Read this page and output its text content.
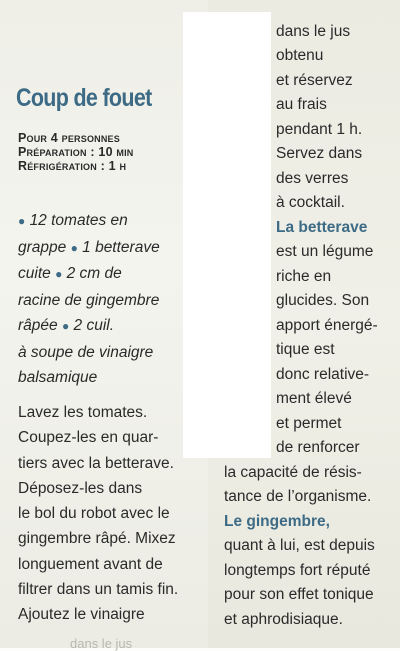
Coup de fouet
Pour 4 personnes
Préparation : 10 min
Réfrigération : 1 h
● 12 tomates en
grappe ● 1 betterave
cuite ● 2 cm de
racine de gingembre
râpée ● 2 cuil.
à soupe de vinaigre
balsamique
Lavez les tomates.
Coupez-les en quar-
tiers avec la betterave.
Déposez-les dans
le bol du robot avec le
gingembre râpé. Mixez
longuement avant de
filtrer dans un tamis fin.
Ajoutez le vinaigre
dans le jus
obtenu
et réservez
au frais
pendant 1 h.
Servez dans
des verres
à cocktail.
La betterave
est un légume
riche en
glucides. Son
apport énergé-
tique est
donc relative-
ment élevé
et permet
de renforcer
la capacité de résis-
tance de l’organisme.
Le gingembre,
quant à lui, est depuis
longtemps fort réputé
pour son effet tonique
et aphrodisiaque.
dans le jus
